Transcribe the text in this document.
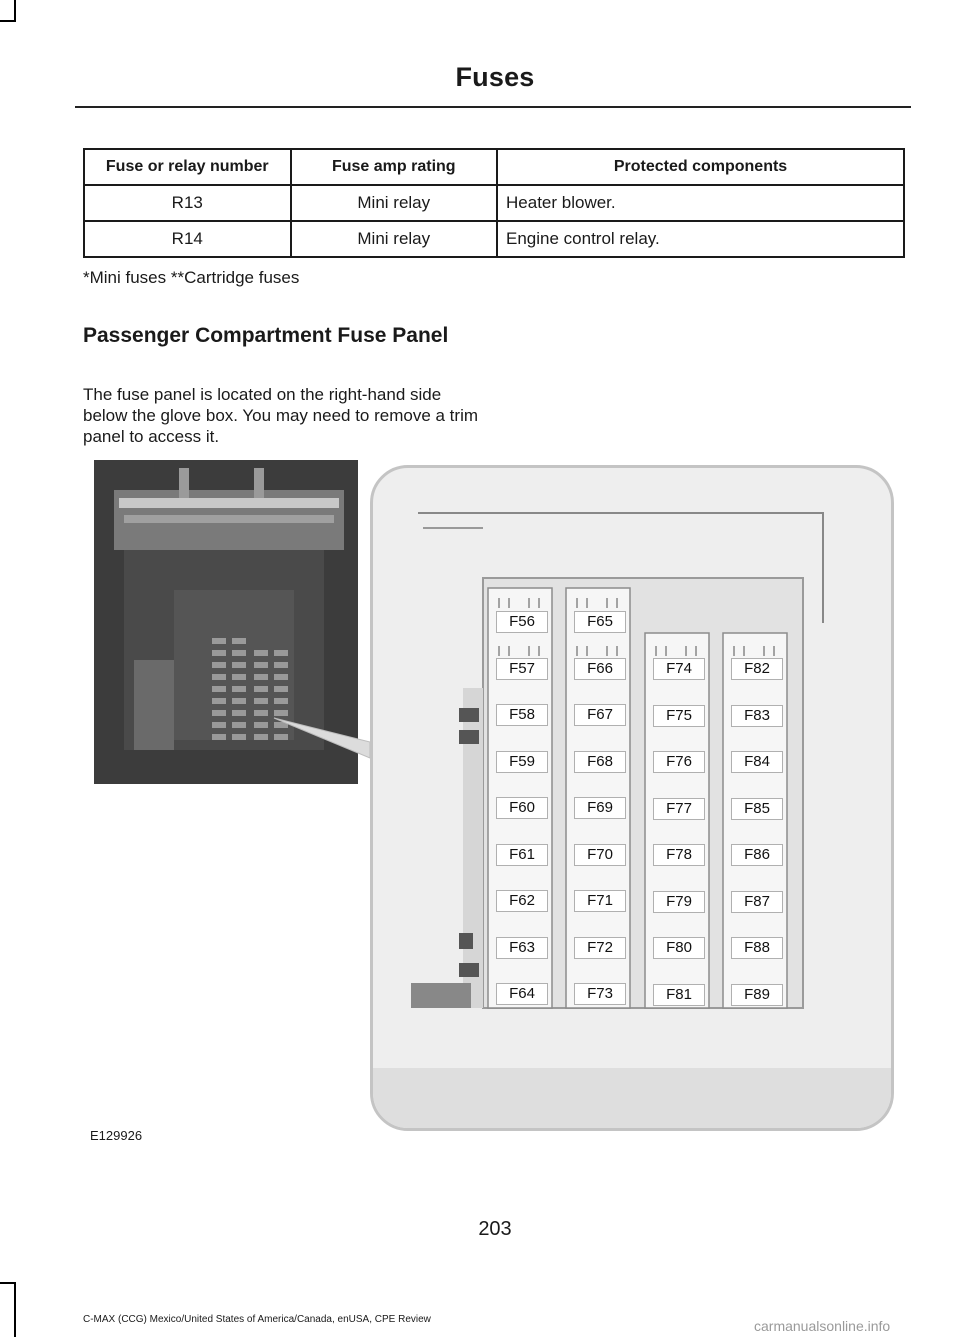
Fuses
Fuse or relay number	Fuse amp rating	Protected components
R13	Mini relay	Heater blower.
R14	Mini relay	Engine control relay.
*Mini fuses **Cartridge fuses
Passenger Compartment Fuse Panel
The fuse panel is located on the right-hand side below the glove box. You may need to remove a trim panel to access it.
F56
F57
F58
F59
F60
F61
F62
F63
F64
F65
F66
F67
F68
F69
F70
F71
F72
F73
F74
F75
F76
F77
F78
F79
F80
F81
F82
F83
F84
F85
F86
F87
F88
F89
E129926
203
C-MAX (CCG) Mexico/United States of America/Canada, enUSA, CPE Review	carmanualsonline.info
